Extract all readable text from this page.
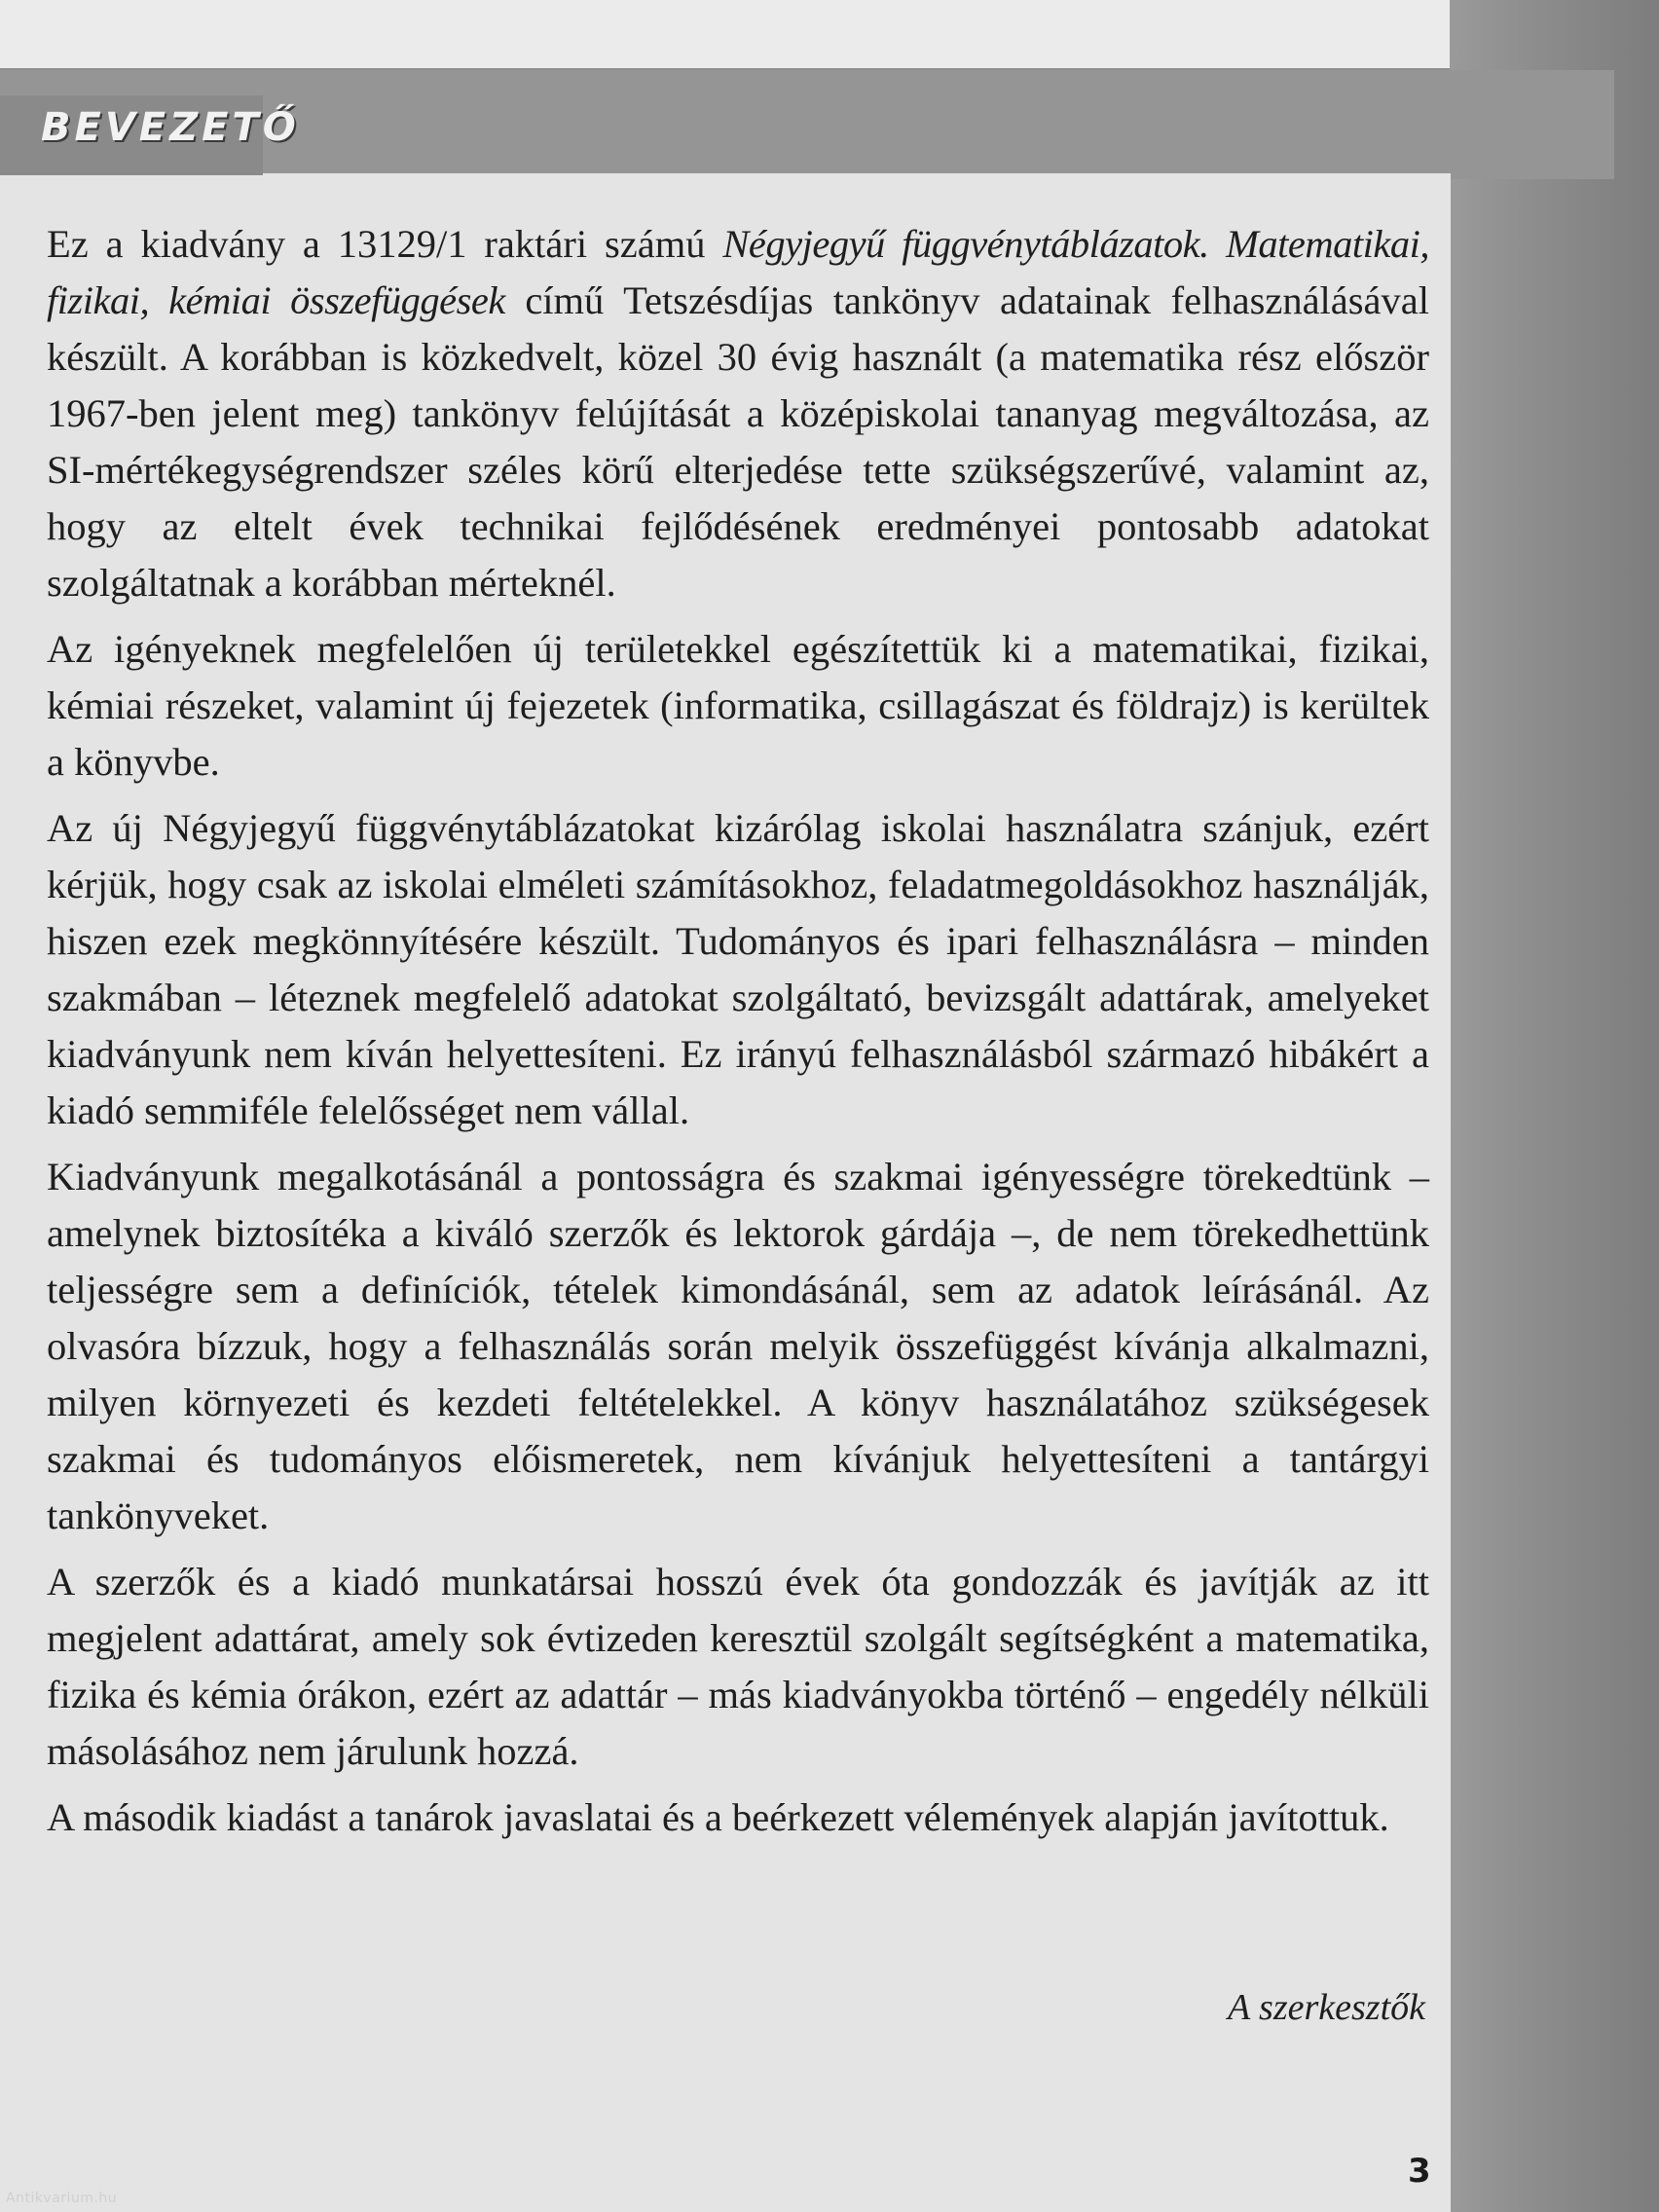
BEVEZETŐ

Ez a kiadvány a 13129/1 raktári számú Négyjegyű függvénytáblázatok. Matematikai, fizikai, kémiai összefüggések című Tetszésdíjas tankönyv adatainak felhasználásával készült. A korábban is közkedvelt, közel 30 évig használt (a matematika rész először 1967-ben jelent meg) tankönyv felújítását a középiskolai tananyag megváltozása, az SI-mértékegységrendszer széles körű elterjedése tette szükségszerűvé, valamint az, hogy az eltelt évek technikai fejlődésének eredményei pontosabb adatokat szolgáltatnak a korábban mérteknél.

Az igényeknek megfelelően új területekkel egészítettük ki a matematikai, fizikai, kémiai részeket, valamint új fejezetek (informatika, csillagászat és földrajz) is kerültek a könyvbe.

Az új Négyjegyű függvénytáblázatokat kizárólag iskolai használatra szánjuk, ezért kérjük, hogy csak az iskolai elméleti számításokhoz, feladatmegoldásokhoz használják, hiszen ezek megkönnyítésére készült. Tudományos és ipari felhasználásra – minden szakmában – léteznek megfelelő adatokat szolgáltató, bevizsgált adattárak, amelyeket kiadványunk nem kíván helyettesíteni. Ez irányú felhasználásból származó hibákért a kiadó semmiféle felelősséget nem vállal.

Kiadványunk megalkotásánál a pontosságra és szakmai igényességre törekedtünk – amelynek biztosítéka a kiváló szerzők és lektorok gárdája –, de nem törekedhettünk teljességre sem a definíciók, tételek kimondásánál, sem az adatok leírásánál. Az olvasóra bízzuk, hogy a felhasználás során melyik összefüggést kívánja alkalmazni, milyen környezeti és kezdeti feltételekkel. A könyv használatához szükségesek szakmai és tudományos előismeretek, nem kívánjuk helyettesíteni a tantárgyi tankönyveket.

A szerzők és a kiadó munkatársai hosszú évek óta gondozzák és javítják az itt megjelent adattárat, amely sok évtizeden keresztül szolgált segítségként a matematika, fizika és kémia órákon, ezért az adattár – más kiadványokba történő – engedély nélküli másolásához nem járulunk hozzá.

A második kiadást a tanárok javaslatai és a beérkezett vélemények alapján javítottuk.

A szerkesztők
3
Antikvarium.hu
